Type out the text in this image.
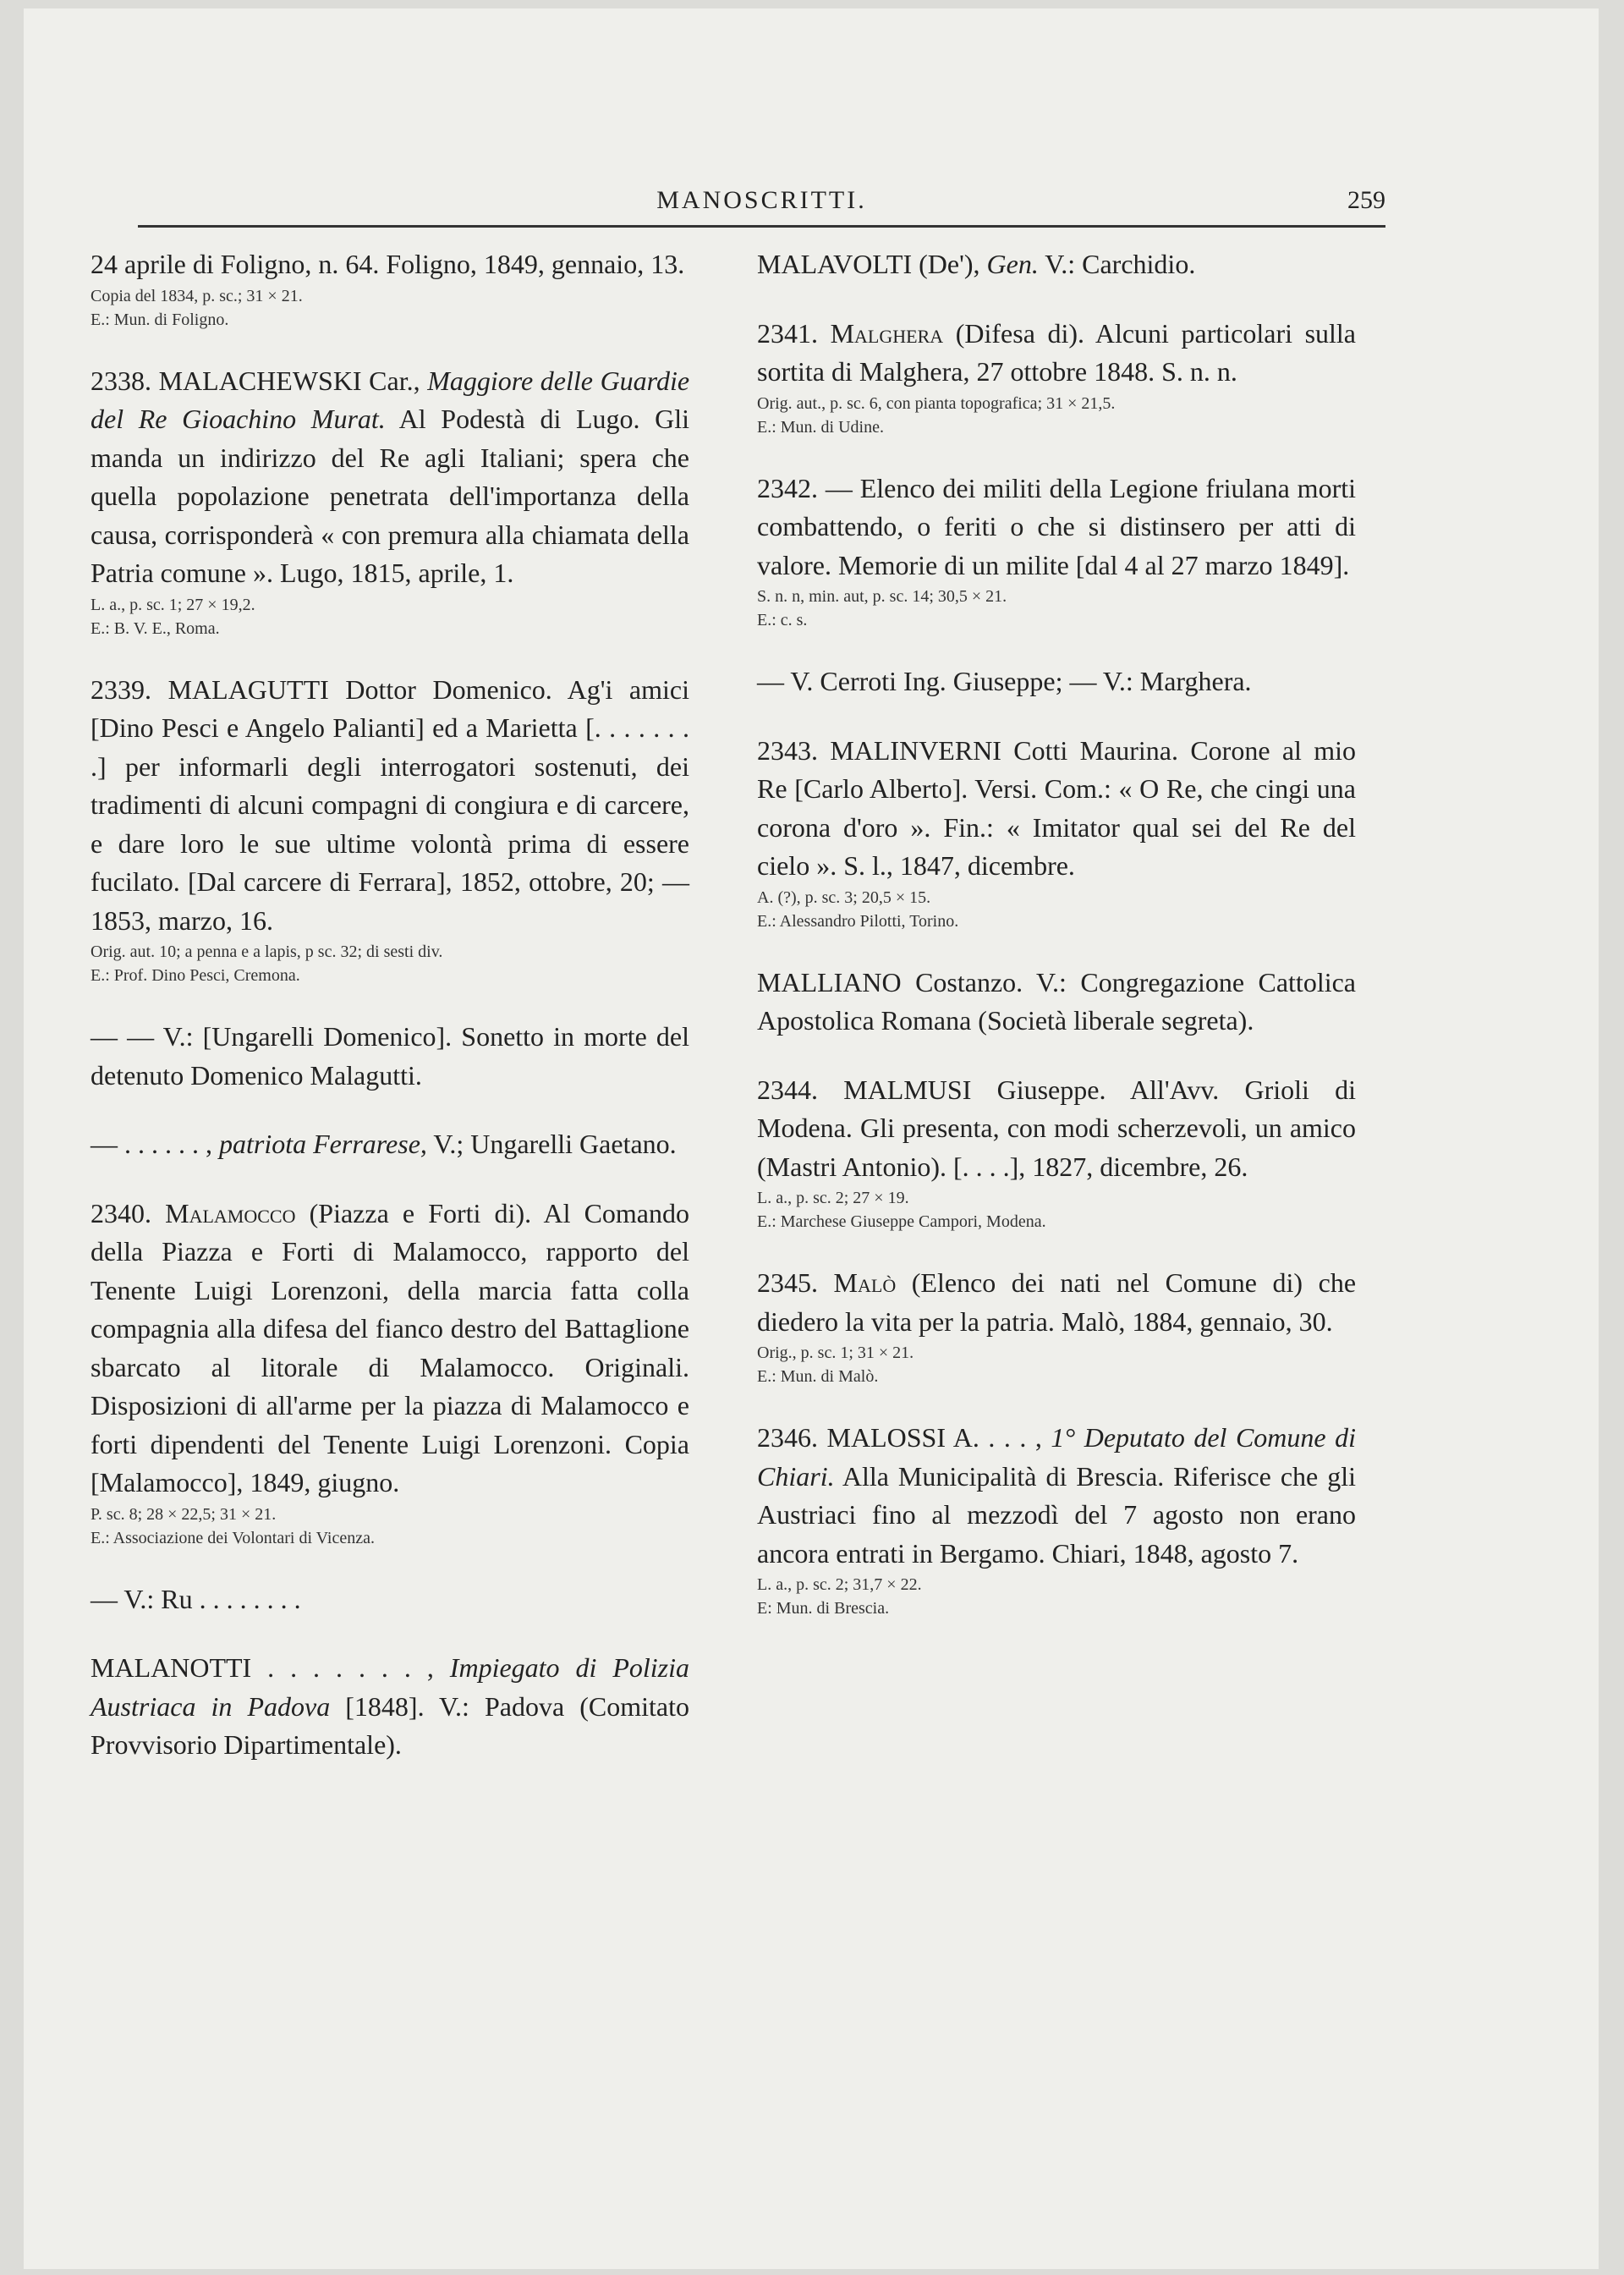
MANOSCRITTI.	259

24 aprile di Foligno, n. 64. Foligno, 1849, gennaio, 13.

Copia del 1834, p. sc.; 31 × 21.

E.: Mun. di Foligno.

2338. MALACHEWSKI Car., Maggiore delle Guardie del Re Gioachino Murat. Al Podestà di Lugo. Gli manda un indirizzo del Re agli Italiani; spera che quella popolazione penetrata dell'importanza della causa, corrisponderà « con premura alla chiamata della Patria comune ». Lugo, 1815, aprile, 1.

L. a., p. sc. 1; 27 × 19,2.

E.: B. V. E., Roma.

2339. MALAGUTTI Dottor Domenico. Ag'i amici [Dino Pesci e Angelo Palianti] ed a Marietta [. . . . . . . .] per informarli degli interrogatori sostenuti, dei tradimenti di alcuni compagni di congiura e di carcere, e dare loro le sue ultime volontà prima di essere fucilato. [Dal carcere di Ferrara], 1852, ottobre, 20; — 1853, marzo, 16.

Orig. aut. 10; a penna e a lapis, p sc. 32; di sesti div.

E.: Prof. Dino Pesci, Cremona.

— — V.: [Ungarelli Domenico]. Sonetto in morte del detenuto Domenico Malagutti.

— . . . . . . , patriota Ferrarese, V.; Ungarelli Gaetano.

2340. Malamocco (Piazza e Forti di). Al Comando della Piazza e Forti di Malamocco, rapporto del Tenente Luigi Lorenzoni, della marcia fatta colla compagnia alla difesa del fianco destro del Battaglione sbarcato al litorale di Malamocco. Originali. Disposizioni di all'arme per la piazza di Malamocco e forti dipendenti del Tenente Luigi Lorenzoni. Copia [Malamocco], 1849, giugno.

P. sc. 8; 28 × 22,5; 31 × 21.

E.: Associazione dei Volontari di Vicenza.

— V.: Ru . . . . . . . .

MALANOTTI . . . . . . . , Impiegato di Polizia Austriaca in Padova [1848]. V.: Padova (Comitato Provvisorio Dipartimentale).

MALAVOLTI (De'), Gen. V.: Carchidio.

2341. Malghera (Difesa di). Alcuni particolari sulla sortita di Malghera, 27 ottobre 1848. S. n. n.

Orig. aut., p. sc. 6, con pianta topografica; 31 × 21,5.

E.: Mun. di Udine.

2342. — Elenco dei militi della Legione friulana morti combattendo, o feriti o che si distinsero per atti di valore. Memorie di un milite [dal 4 al 27 marzo 1849].

S. n. n, min. aut, p. sc. 14; 30,5 × 21.

E.: c. s.

— V. Cerroti Ing. Giuseppe; — V.: Marghera.

2343. MALINVERNI Cotti Maurina. Corone al mio Re [Carlo Alberto]. Versi. Com.: « O Re, che cingi una corona d'oro ». Fin.: « Imitator qual sei del Re del cielo ». S. l., 1847, dicembre.

A. (?), p. sc. 3; 20,5 × 15.

E.: Alessandro Pilotti, Torino.

MALLIANO Costanzo. V.: Congregazione Cattolica Apostolica Romana (Società liberale segreta).

2344. MALMUSI Giuseppe. All'Avv. Grioli di Modena. Gli presenta, con modi scherzevoli, un amico (Mastri Antonio). [. . . .], 1827, dicembre, 26.

L. a., p. sc. 2; 27 × 19.

E.: Marchese Giuseppe Campori, Modena.

2345. Malò (Elenco dei nati nel Comune di) che diedero la vita per la patria. Malò, 1884, gennaio, 30.

Orig., p. sc. 1; 31 × 21.

E.: Mun. di Malò.

2346. MALOSSI A. . . . , 1° Deputato del Comune di Chiari. Alla Municipalità di Brescia. Riferisce che gli Austriaci fino al mezzodì del 7 agosto non erano ancora entrati in Bergamo. Chiari, 1848, agosto 7.

L. a., p. sc. 2; 31,7 × 22.

E: Mun. di Brescia.
